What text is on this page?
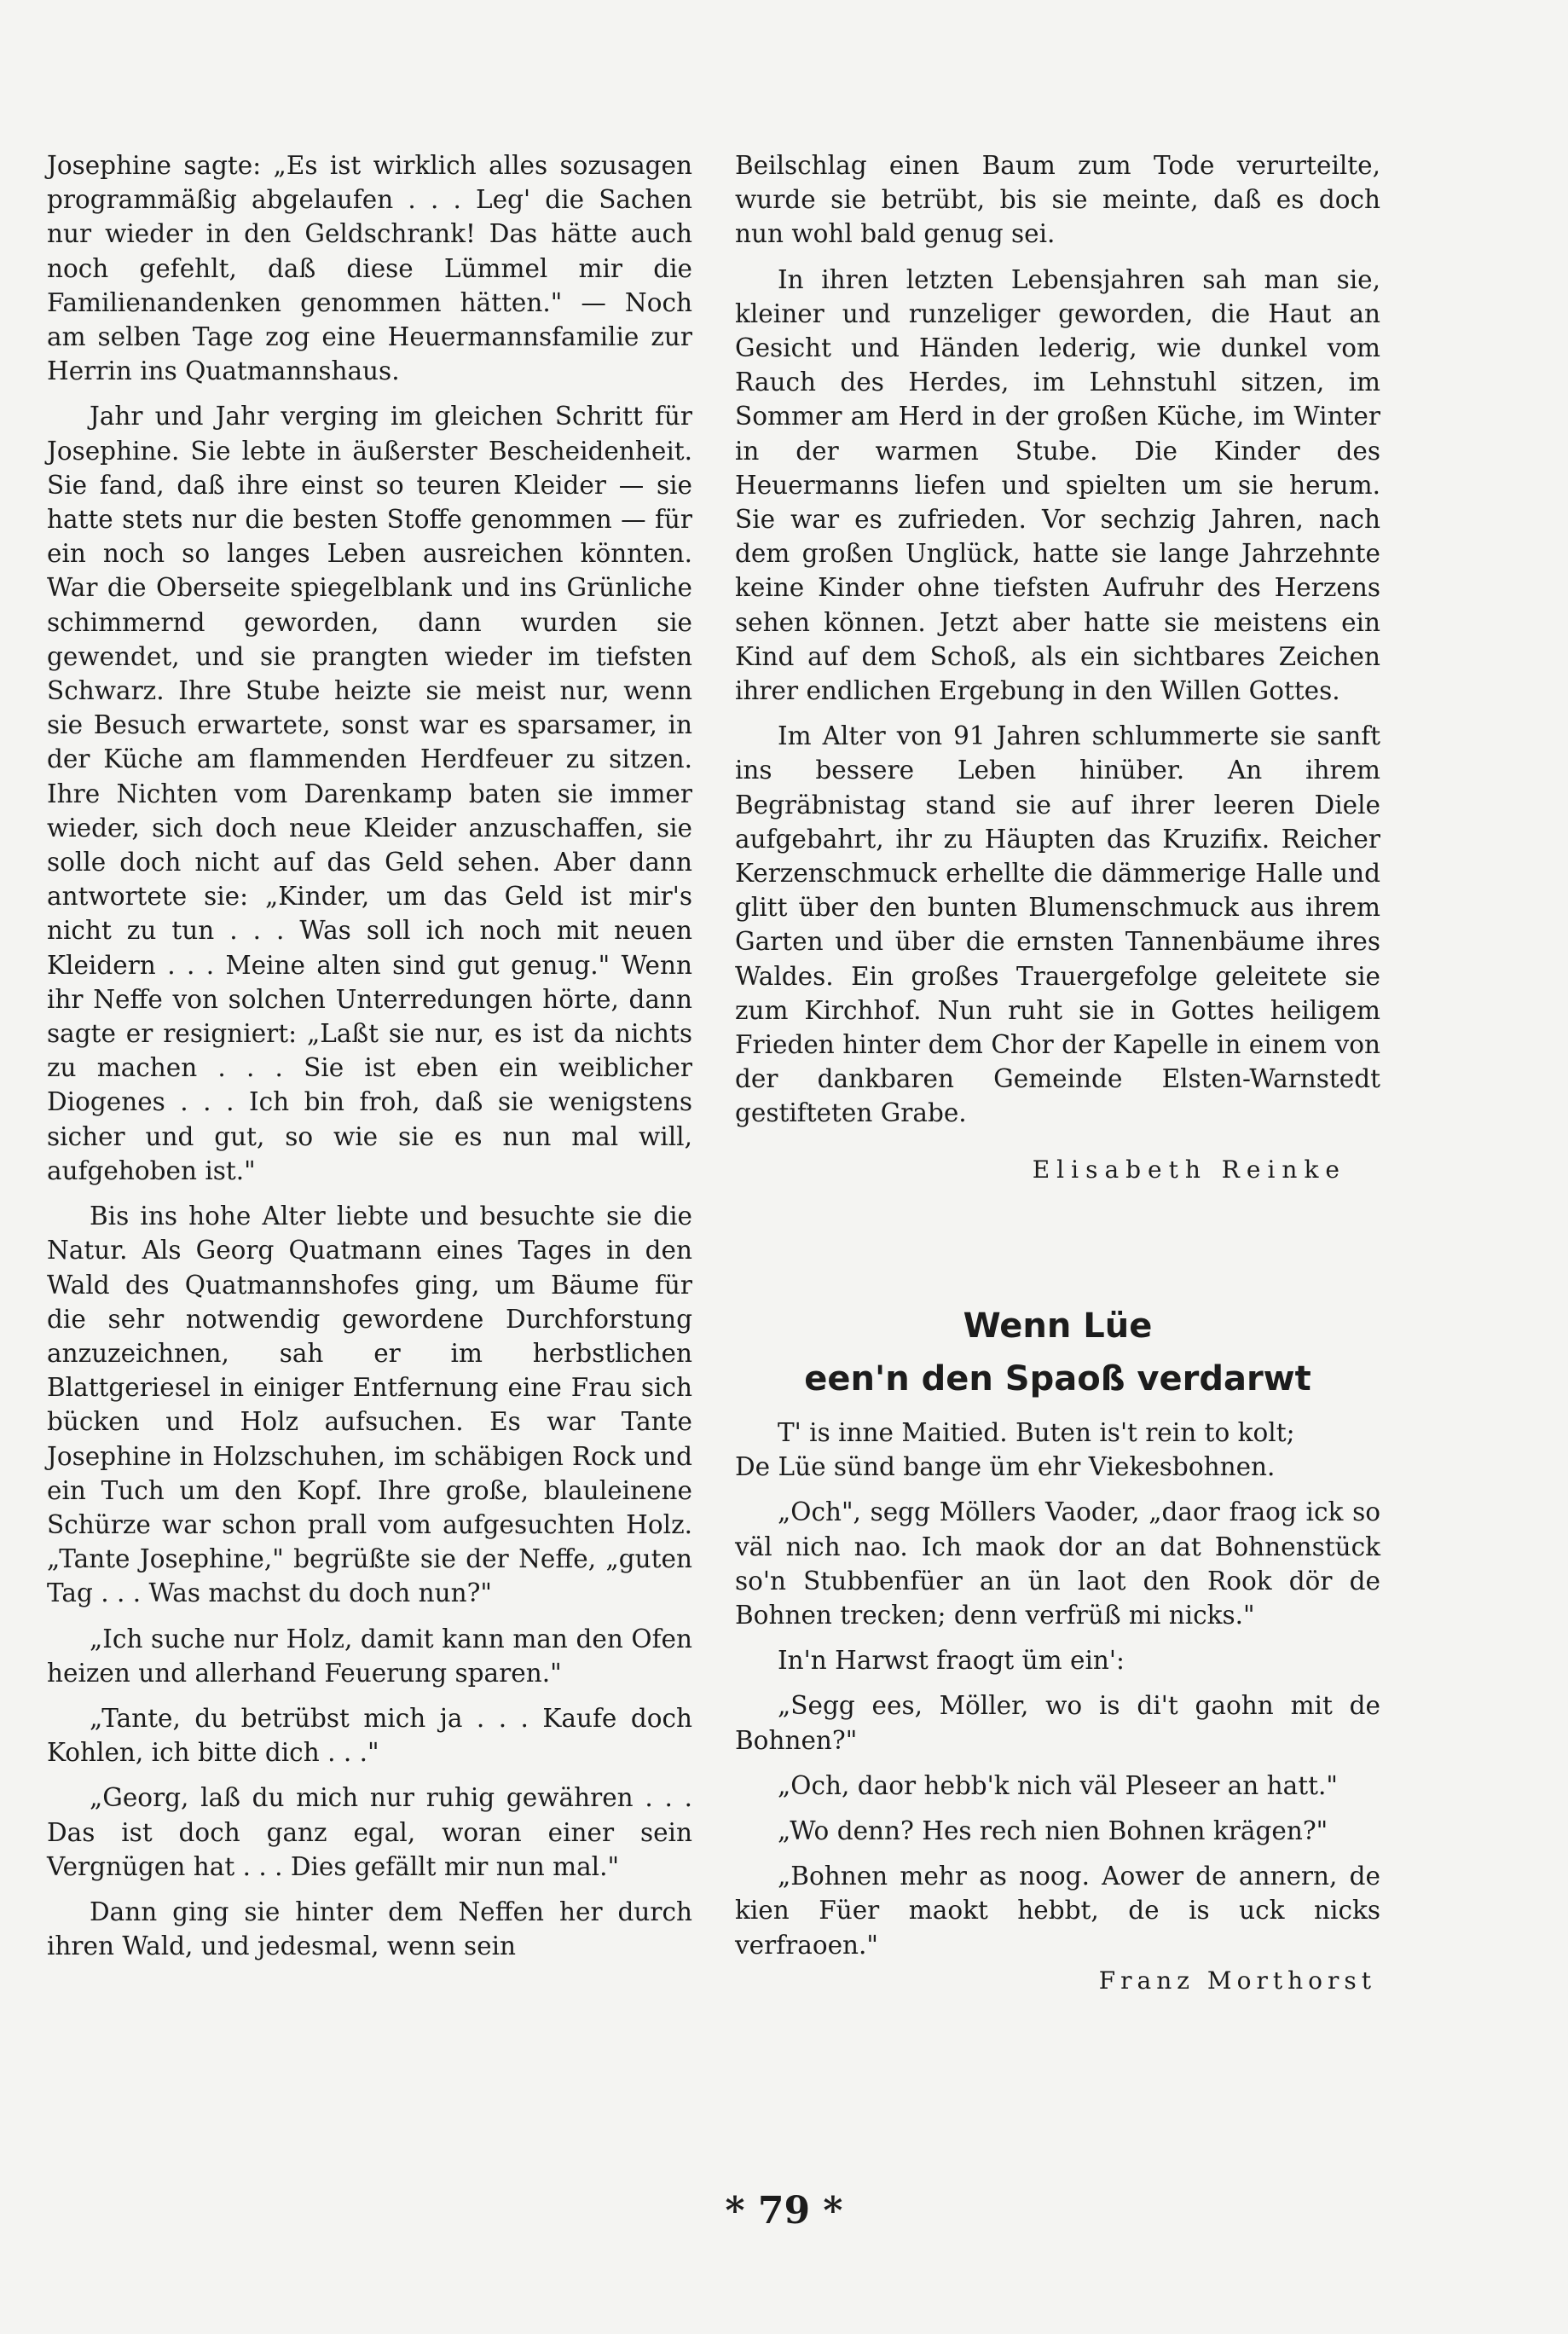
Josephine sagte: „Es ist wirklich alles sozusagen programmäßig abgelaufen . . . Leg' die Sachen nur wieder in den Geldschrank! Das hätte auch noch gefehlt, daß diese Lümmel mir die Familienandenken genommen hätten." — Noch am selben Tage zog eine Heuermannsfamilie zur Herrin ins Quatmannshaus.

Jahr und Jahr verging im gleichen Schritt für Josephine. Sie lebte in äußerster Bescheidenheit. Sie fand, daß ihre einst so teuren Kleider — sie hatte stets nur die besten Stoffe genommen — für ein noch so langes Leben ausreichen könnten. War die Oberseite spiegelblank und ins Grünliche schimmernd geworden, dann wurden sie gewendet, und sie prangten wieder im tiefsten Schwarz. Ihre Stube heizte sie meist nur, wenn sie Besuch erwartete, sonst war es sparsamer, in der Küche am flammenden Herdfeuer zu sitzen. Ihre Nichten vom Darenkamp baten sie immer wieder, sich doch neue Kleider anzuschaffen, sie solle doch nicht auf das Geld sehen. Aber dann antwortete sie: „Kinder, um das Geld ist mir's nicht zu tun . . . Was soll ich noch mit neuen Kleidern . . . Meine alten sind gut genug." Wenn ihr Neffe von solchen Unterredungen hörte, dann sagte er resigniert: „Laßt sie nur, es ist da nichts zu machen . . . Sie ist eben ein weiblicher Diogenes . . . Ich bin froh, daß sie wenigstens sicher und gut, so wie sie es nun mal will, aufgehoben ist."

Bis ins hohe Alter liebte und besuchte sie die Natur. Als Georg Quatmann eines Tages in den Wald des Quatmannshofes ging, um Bäume für die sehr notwendig gewordene Durchforstung anzuzeichnen, sah er im herbstlichen Blattgeriesel in einiger Entfernung eine Frau sich bücken und Holz aufsuchen. Es war Tante Josephine in Holzschuhen, im schäbigen Rock und ein Tuch um den Kopf. Ihre große, blauleinene Schürze war schon prall vom aufgesuchten Holz. „Tante Josephine," begrüßte sie der Neffe, „guten Tag . . . Was machst du doch nun?"

„Ich suche nur Holz, damit kann man den Ofen heizen und allerhand Feuerung sparen."

„Tante, du betrübst mich ja . . . Kaufe doch Kohlen, ich bitte dich . . ."

„Georg, laß du mich nur ruhig gewähren . . . Das ist doch ganz egal, woran einer sein Vergnügen hat . . . Dies gefällt mir nun mal."

Dann ging sie hinter dem Neffen her durch ihren Wald, und jedesmal, wenn sein

Beilschlag einen Baum zum Tode verurteilte, wurde sie betrübt, bis sie meinte, daß es doch nun wohl bald genug sei.

In ihren letzten Lebensjahren sah man sie, kleiner und runzeliger geworden, die Haut an Gesicht und Händen lederig, wie dunkel vom Rauch des Herdes, im Lehnstuhl sitzen, im Sommer am Herd in der großen Küche, im Winter in der warmen Stube. Die Kinder des Heuermanns liefen und spielten um sie herum. Sie war es zufrieden. Vor sechzig Jahren, nach dem großen Unglück, hatte sie lange Jahrzehnte keine Kinder ohne tiefsten Aufruhr des Herzens sehen können. Jetzt aber hatte sie meistens ein Kind auf dem Schoß, als ein sichtbares Zeichen ihrer endlichen Ergebung in den Willen Gottes.

Im Alter von 91 Jahren schlummerte sie sanft ins bessere Leben hinüber. An ihrem Begräbnistag stand sie auf ihrer leeren Diele aufgebahrt, ihr zu Häupten das Kruzifix. Reicher Kerzenschmuck erhellte die dämmerige Halle und glitt über den bunten Blumenschmuck aus ihrem Garten und über die ernsten Tannenbäume ihres Waldes. Ein großes Trauergefolge geleitete sie zum Kirchhof. Nun ruht sie in Gottes heiligem Frieden hinter dem Chor der Kapelle in einem von der dankbaren Gemeinde Elsten-Warnstedt gestifteten Grabe.

Elisabeth Reinke
Wenn Lüe
een'n den Spaoß verdarwt

T' is inne Maitied. Buten is't rein to kolt;

De Lüe sünd bange üm ehr Viekesbohnen.

„Och", segg Möllers Vaoder, „daor fraog ick so väl nich nao. Ich maok dor an dat Bohnenstück so'n Stubbenfüer an ün laot den Rook dör de Bohnen trecken; denn verfrüß mi nicks."

In'n Harwst fraogt üm ein':

„Segg ees, Möller, wo is di't gaohn mit de Bohnen?"

„Och, daor hebb'k nich väl Pleseer an hatt."

„Wo denn? Hes rech nien Bohnen krägen?"

„Bohnen mehr as noog. Aower de annern, de kien Füer maokt hebbt, de is uck nicks verfraoen."

Franz Morthorst
* 79 *
